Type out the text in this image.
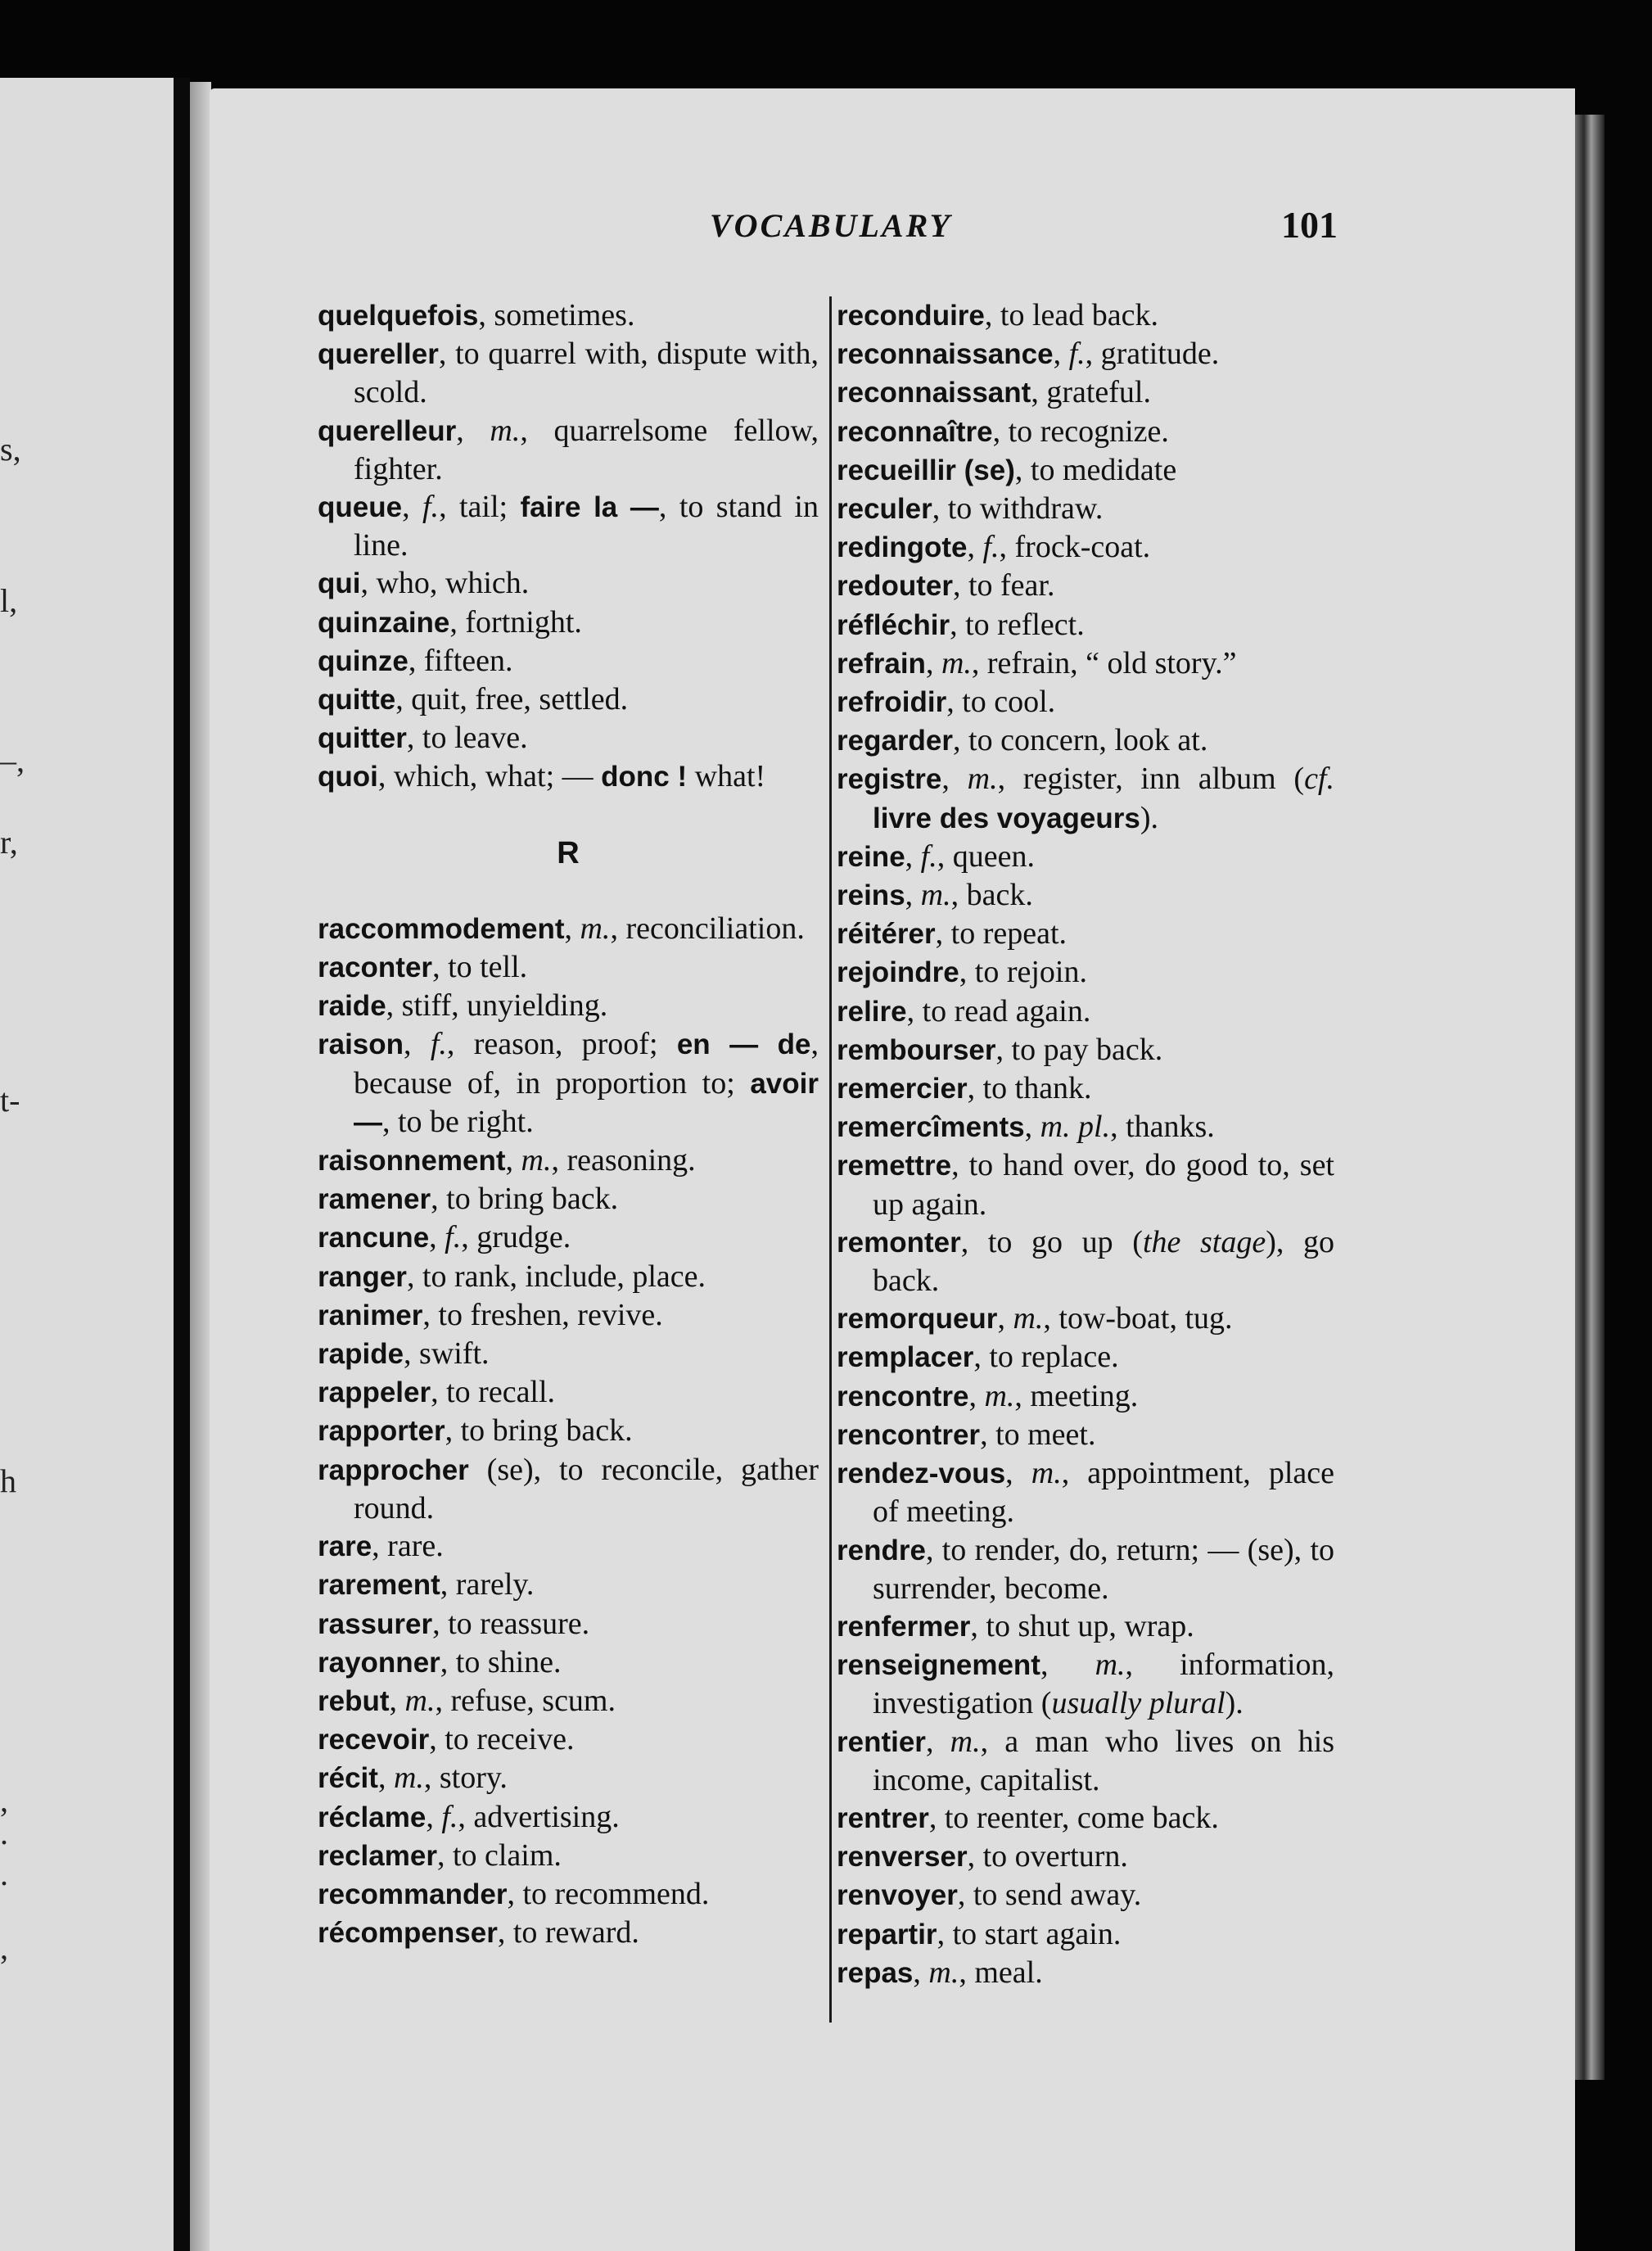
s,
l,
–,
r,
t-
h
,
.
.
,
VOCABULARY	101
quelquefois, sometimes.
quereller, to quarrel with, dispute with, scold.
querelleur, m., quarrelsome fellow, fighter.
queue, f., tail; faire la —, to stand in line.
qui, who, which.
quinzaine, fortnight.
quinze, fifteen.
quitte, quit, free, settled.
quitter, to leave.
quoi, which, what; — donc ! what!
R
raccommodement, m., reconciliation.
raconter, to tell.
raide, stiff, unyielding.
raison, f., reason, proof; en — de, because of, in proportion to; avoir —, to be right.
raisonnement, m., reasoning.
ramener, to bring back.
rancune, f., grudge.
ranger, to rank, include, place.
ranimer, to freshen, revive.
rapide, swift.
rappeler, to recall.
rapporter, to bring back.
rapprocher (se), to reconcile, gather round.
rare, rare.
rarement, rarely.
rassurer, to reassure.
rayonner, to shine.
rebut, m., refuse, scum.
recevoir, to receive.
récit, m., story.
réclame, f., advertising.
reclamer, to claim.
recommander, to recommend.
récompenser, to reward.
reconduire, to lead back.
reconnaissance, f., gratitude.
reconnaissant, grateful.
reconnaître, to recognize.
recueillir (se), to medidate
reculer, to withdraw.
redingote, f., frock-coat.
redouter, to fear.
réfléchir, to reflect.
refrain, m., refrain, “ old story.”
refroidir, to cool.
regarder, to concern, look at.
registre, m., register, inn album (cf. livre des voyageurs).
reine, f., queen.
reins, m., back.
réitérer, to repeat.
rejoindre, to rejoin.
relire, to read again.
rembourser, to pay back.
remercier, to thank.
remercîments, m. pl., thanks.
remettre, to hand over, do good to, set up again.
remonter, to go up (the stage), go back.
remorqueur, m., tow-boat, tug.
remplacer, to replace.
rencontre, m., meeting.
rencontrer, to meet.
rendez-vous, m., appointment, place of meeting.
rendre, to render, do, return; — (se), to surrender, become.
renfermer, to shut up, wrap.
renseignement, m., information, investigation (usually plural).
rentier, m., a man who lives on his income, capitalist.
rentrer, to reenter, come back.
renverser, to overturn.
renvoyer, to send away.
repartir, to start again.
repas, m., meal.
